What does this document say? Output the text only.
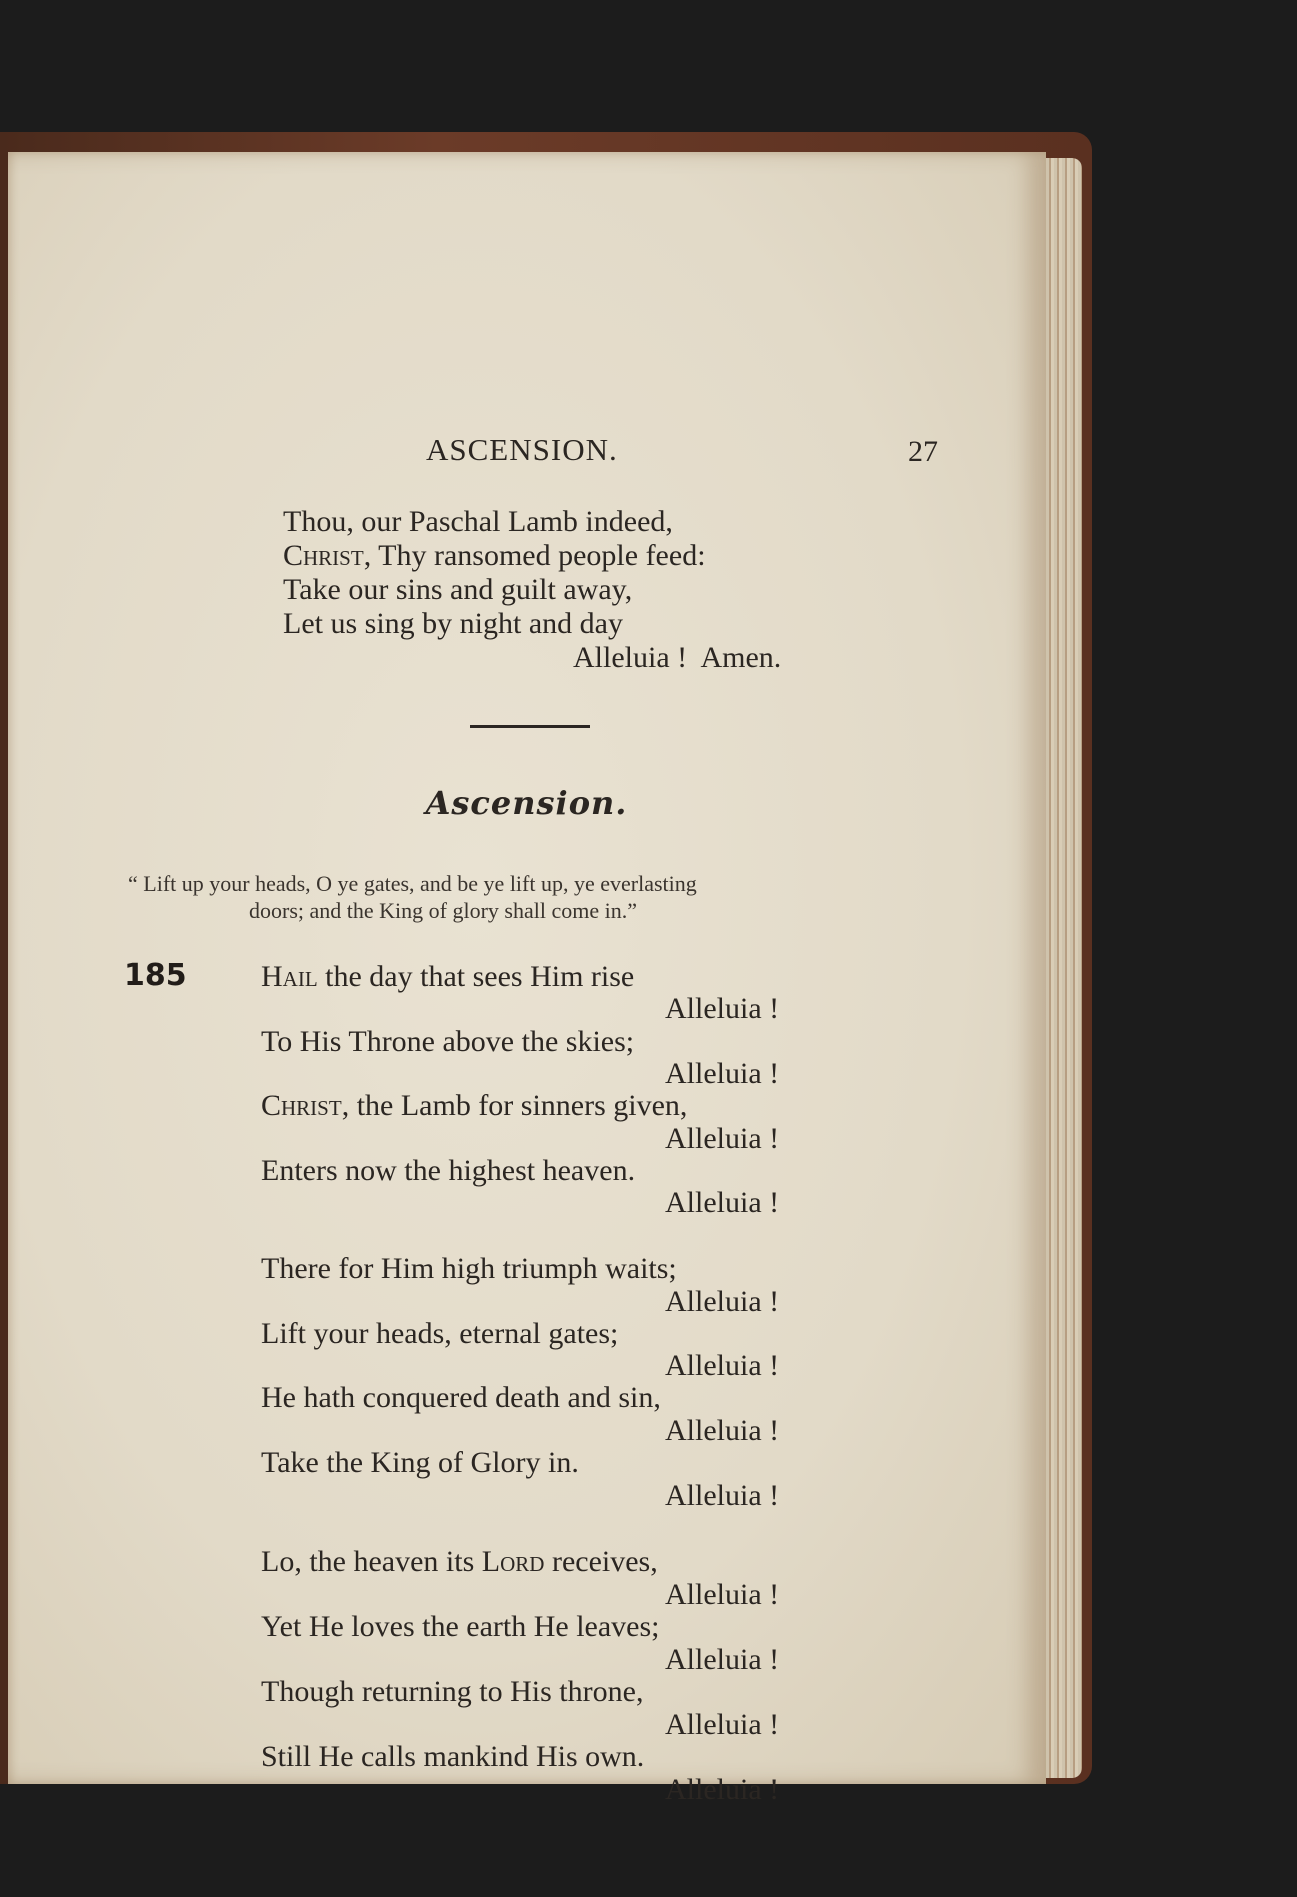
ASCENSION.	27
Thou, our Paschal Lamb indeed,
Christ, Thy ransomed people feed:
Take our sins and guilt away,
Let us sing by night and day
Alleluia !  Amen.
Ascension.
“ Lift up your heads, O ye gates, and be ye lift up, ye everlasting
doors; and the King of glory shall come in.”
185 Hail the day that sees Him rise
Alleluia !
To His Throne above the skies;
Alleluia !
Christ, the Lamb for sinners given,
Alleluia !
Enters now the highest heaven.
Alleluia !
There for Him high triumph waits;
Alleluia !
Lift your heads, eternal gates;
Alleluia !
He hath conquered death and sin,
Alleluia !
Take the King of Glory in.
Alleluia !
Lo, the heaven its Lord receives,
Alleluia !
Yet He loves the earth He leaves;
Alleluia !
Though returning to His throne,
Alleluia !
Still He calls mankind His own.
Alleluia !
